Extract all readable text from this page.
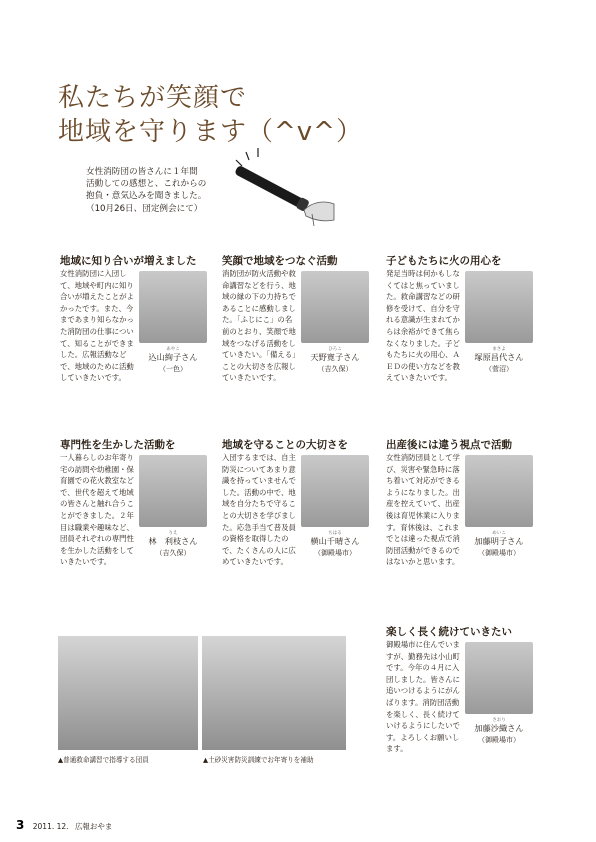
私たちが笑顔で
地域を守ります（^v^）
女性消防団の皆さんに１年間
活動しての感想と、これからの
抱負・意気込みを聞きました。
（10月26日、団定例会にて）
地域に知り合いが増えました
女性消防団に入団して、地域や町内に知り合いが増えたことがよかったです。また、今まであまり知らなかった消防団の仕事について、知ることができました。広報活動などで、地域のために活動していきたいです。
あやこ
込山絢子さん
（一色）
笑顔で地域をつなぐ活動
消防団が防火活動や救命講習などを行う、地域の縁の下の力持ちであることに感動しました。「ふじにこ」の名前のとおり、笑顔で地域をつなげる活動をしていきたい。「備える」ことの大切さを広報していきたいです。
ひろこ
天野寛子さん
（吉久保）
子どもたちに火の用心を
発足当時は何かもしなくてはと焦っていました。救命講習などの研修を受けて、自分を守れる意識が生まれてからは余裕ができて焦らなくなりました。子どもたちに火の用心、ＡＥＤの使い方などを教えていきたいです。
まさよ
塚原昌代さん
（菅沼）
専門性を生かした活動を
一人暮らしのお年寄り宅の訪問や幼稚園・保育園での花火教室などで、世代を超えて地域の皆さんと触れ合うことができました。２年目は職業や趣味など、団員それぞれの専門性を生かした活動をしていきたいです。
りえ
林　利枝さん
（吉久保）
地域を守ることの大切さを
入団するまでは、自主防災についてあまり意識を持っていませんでした。活動の中で、地域を自分たちで守ることの大切さを学びました。応急手当て普及員の資格を取得したので、たくさんの人に広めていきたいです。
ちはる
横山千晴さん
（御殿場市）
出産後には違う視点で活動
女性消防団員として学び、災害や緊急時に落ち着いて対応ができるようになりました。出産を控えていて、出産後は育児休業に入ります。育休後は、これまでとは違った視点で消防団活動ができるのではないかと思います。
めいこ
加藤明子さん
（御殿場市）
▲普通救命講習で指導する団員	▲土砂災害防災訓練でお年寄りを補助
楽しく長く続けていきたい
御殿場市に住んでいますが、勤務先は小山町です。今年の４月に入団しました。皆さんに追いつけるようにがんばります。消防団活動を楽しく、長く続けていけるようにしたいです。よろしくお願いします。
さおり
加藤沙織さん
（御殿場市）
3 2011. 12. 広報おやま
